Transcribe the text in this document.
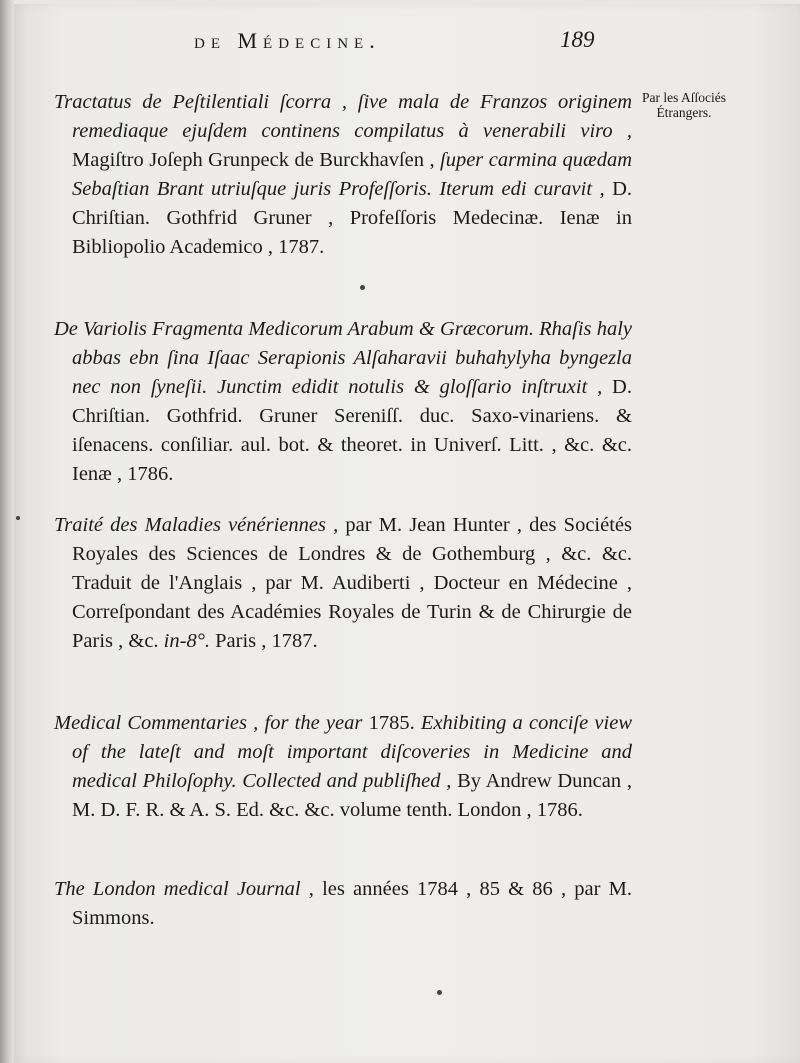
de Médecine.	189
Par les Aſſociés
Étrangers.
Tractatus de Peſtilentiali ſcorra , ſive mala de Franzos originem remediaque ejuſdem continens compilatus à venerabili viro , Magiſtro Joſeph Grunpeck de Burckhavſen , ſuper carmina quædam Sebaſtian Brant utriuſque juris Profeſſoris. Iterum edi curavit , D. Chriſtian. Gothfrid Gruner , Profeſſoris Medecinæ. Ienæ in Bibliopolio Academico , 1787.
De Variolis Fragmenta Medicorum Arabum & Græcorum. Rhaſis haly abbas ebn ſina Iſaac Serapionis Alſaharavii buhahylyha byngezla nec non ſyneſii. Junctim edidit notulis & gloſſario inſtruxit , D. Chriſtian. Gothfrid. Gruner Sereniſſ. duc. Saxo-vinariens. & iſenacens. conſiliar. aul. bot. & theoret. in Univerſ. Litt. , &c. &c. Ienæ , 1786.
Traité des Maladies vénériennes , par M. Jean Hunter , des Sociétés Royales des Sciences de Londres & de Gothemburg , &c. &c. Traduit de l'Anglais , par M. Audiberti , Docteur en Médecine , Correſpondant des Académies Royales de Turin & de Chirurgie de Paris , &c. in-8°. Paris , 1787.
Medical Commentaries , for the year 1785. Exhibiting a conciſe view of the lateſt and moſt important diſcoveries in Medicine and medical Philoſophy. Collected and publiſhed , By Andrew Duncan , M. D. F. R. & A. S. Ed. &c. &c. volume tenth. London , 1786.
The London medical Journal , les années 1784 , 85 & 86 , par M. Simmons.
